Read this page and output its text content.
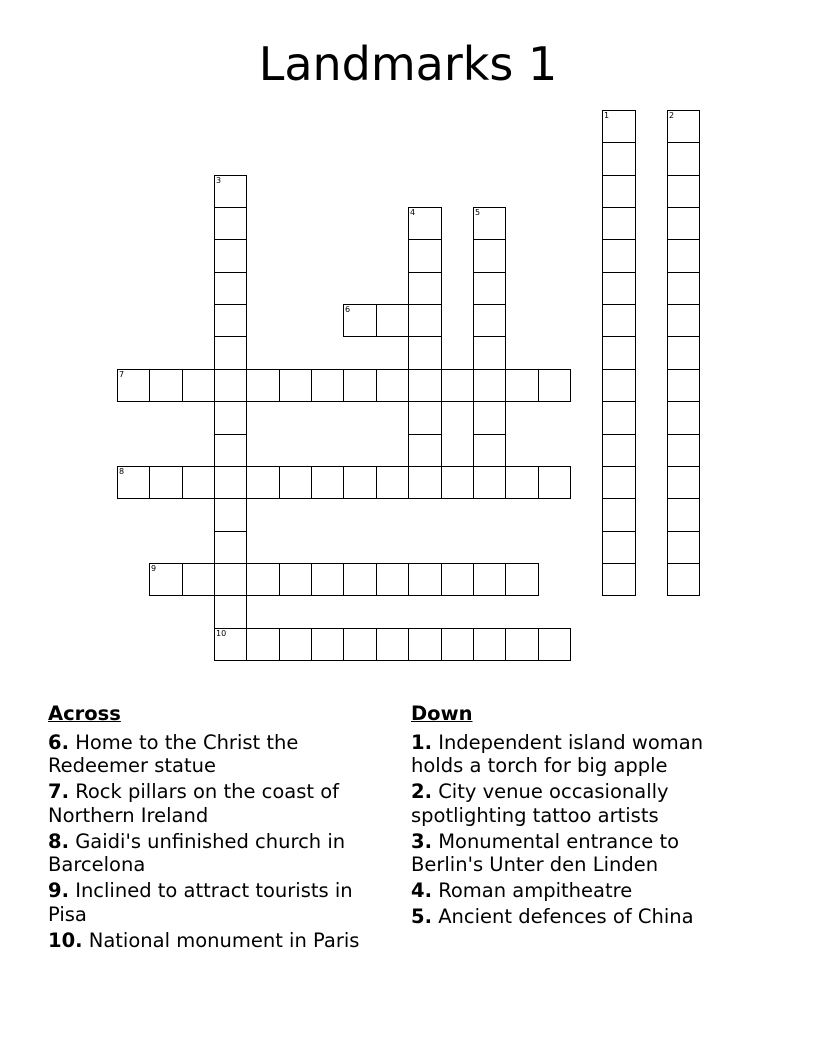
Landmarks 1
1	2
3
10
4	5
6
7
8
9
Across
6. Home to the Christ the Redeemer statue
7. Rock pillars on the coast of Northern Ireland
8. Gaidi's unfinished church in Barcelona
9. Inclined to attract tourists in Pisa
10. National monument in Paris
Down
1. Independent island woman holds a torch for big apple
2. City venue occasionally spotlighting tattoo artists
3. Monumental entrance to Berlin's Unter den Linden
4. Roman ampitheatre
5. Ancient defences of China
